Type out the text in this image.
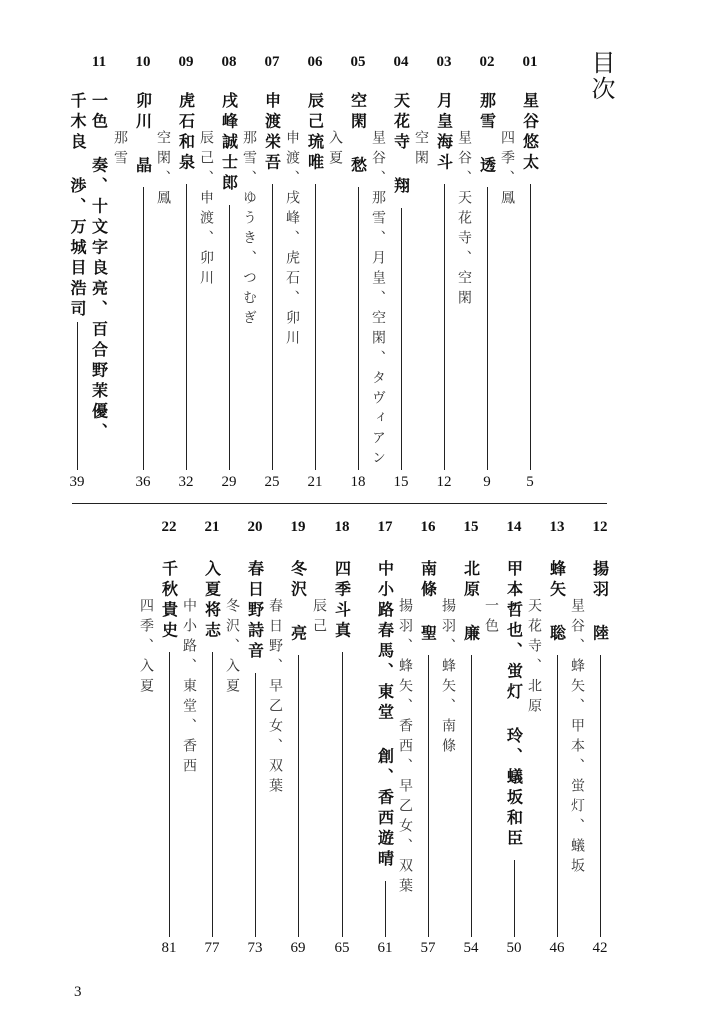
目次
01
星谷悠太
四季、鳳
5
02
那雪 透
星谷、天花寺、空閑
9
03
月皇海斗
空閑
12
04
天花寺 翔
星谷、那雪、月皇、空閑、タヴィアン
15
05
空閑 愁
入夏
18
06
辰己琉唯
申渡、戌峰、虎石、卯川
21
07
申渡栄吾
那雪、ゆうき、つむぎ
25
08
戌峰誠士郎
辰己、申渡、卯川
29
09
虎石和泉
空閑、鳳
32
10
卯川 晶
那雪
36
11
一色 奏、十文字良亮、百合野茉優、
千木良 渉、万城目浩司
39
12
揚羽 陸
星谷、蜂矢、甲本、蛍灯、蟻坂
42
13
蜂矢 聡
天花寺、北原
46
14
甲本哲也、蛍灯 玲、蟻坂和臣
一色
50
15
北原 廉
揚羽、蜂矢、南條
54
16
南條 聖
揚羽、蜂矢、香西、早乙女、双葉
57
17
中小路春馬、東堂 創、香西遊晴
61
18
四季斗真
辰己
65
19
冬沢 亮
春日野、早乙女、双葉
69
20
春日野詩音
冬沢、入夏
73
21
入夏将志
中小路、東堂、香西
77
22
千秋貴史
四季、入夏
81
3
